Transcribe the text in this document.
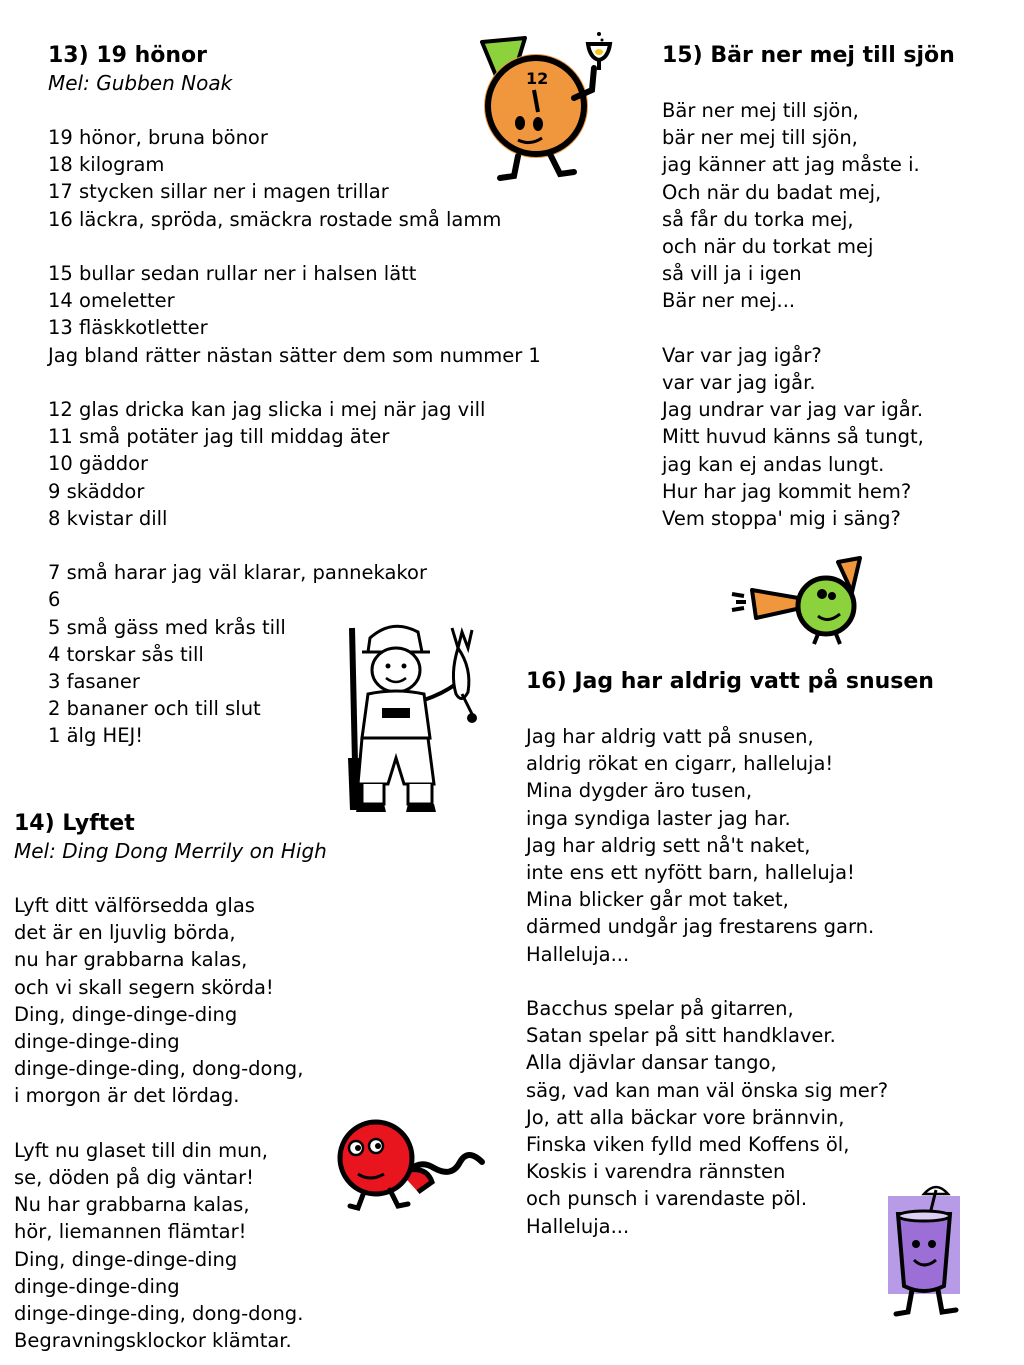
13) 19 hönor
Mel: Gubben Noak
19 hönor, bruna bönor
18 kilogram
17 stycken sillar ner i magen trillar
16 läckra, spröda, smäckra rostade små lamm
15 bullar sedan rullar ner i halsen lätt
14 omeletter
13 fläskkotletter
Jag bland rätter nästan sätter dem som nummer 1
12 glas dricka kan jag slicka i mej när jag vill
11 små potäter jag till middag äter
10 gäddor
9 skäddor
8 kvistar dill
7 små harar jag väl klarar, pannekakor
6
5 små gäss med krås till
4 torskar sås till
3 fasaner
2 bananer och till slut
1 älg HEJ!
14) Lyftet
Mel: Ding Dong Merrily on High
Lyft ditt välförsedda glas
det är en ljuvlig börda,
nu har grabbarna kalas,
och vi skall segern skörda!
Ding, dinge-dinge-ding
dinge-dinge-ding
dinge-dinge-ding, dong-dong,
i morgon är det lördag.
Lyft nu glaset till din mun,
se, döden på dig väntar!
Nu har grabbarna kalas,
hör, liemannen flämtar!
Ding, dinge-dinge-ding
dinge-dinge-ding
dinge-dinge-ding, dong-dong.
Begravningsklockor klämtar.
15) Bär ner mej till sjön
Bär ner mej till sjön,
bär ner mej till sjön,
jag känner att jag måste i.
Och när du badat mej,
så får du torka mej,
och när du torkat mej
så vill ja i igen
Bär ner mej...
Var var jag igår?
var var jag igår.
Jag undrar var jag var igår.
Mitt huvud känns så tungt,
jag kan ej andas lungt.
Hur har jag kommit hem?
Vem stoppa' mig i säng?
16) Jag har aldrig vatt på snusen
Jag har aldrig vatt på snusen,
aldrig rökat en cigarr, halleluja!
Mina dygder äro tusen,
inga syndiga laster jag har.
Jag har aldrig sett nå't naket,
inte ens ett nyfött barn, halleluja!
Mina blicker går mot taket,
därmed undgår jag frestarens garn.
Halleluja...
Bacchus spelar på gitarren,
Satan spelar på sitt handklaver.
Alla djävlar dansar tango,
säg, vad kan man väl önska sig mer?
Jo, att alla bäckar vore brännvin,
Finska viken fylld med Koffens öl,
Koskis i varendra rännsten
och punsch i varendaste pöl.
Halleluja...
12
